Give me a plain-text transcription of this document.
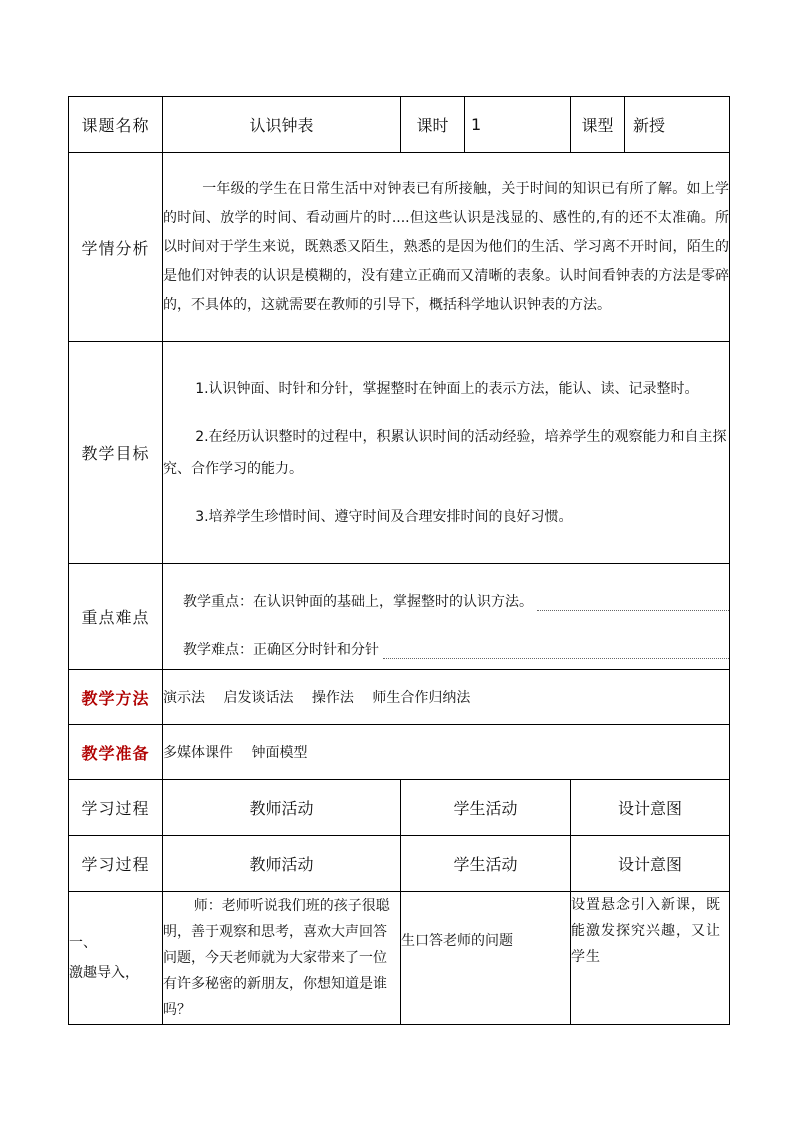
课题名称	认识钟表	课时	1	课型	新授
学情分析	一年级的学生在日常生活中对钟表已有所接触，关于时间的知识已有所了解。如上学的时间、放学的时间、看动画片的时....但这些认识是浅显的、感性的,有的还不太准确。所以时间对于学生来说，既熟悉又陌生，熟悉的是因为他们的生活、学习离不开时间，陌生的是他们对钟表的认识是模糊的，没有建立正确而又清晰的表象。认时间看钟表的方法是零碎的，不具体的，这就需要在教师的引导下，概括科学地认识钟表的方法。				

教学目标	1.认识钟面、时针和分针，掌握整时在钟面上的表示方法，能认、读、记录整时。

2.在经历认识整时的过程中，积累认识时间的活动经验，培养学生的观察能力和自主探究、合作学习的能力。

3.培养学生珍惜时间、遵守时间及合理安排时间的良好习惯。				

重点难点	教学重点：在认识钟面的基础上，掌握整时的认识方法。
教学难点：正确区分时针和分针				

教学方法	演示法 启发谈话法 操作法 师生合作归纳法				
教学准备	多媒体课件 钟面模型				
学习过程	教师活动	学生活动		设计意图	
学习过程	教师活动	学生活动		设计意图	

一、
激趣导入，	师：老师听说我们班的孩子很聪明，善于观察和思考，喜欢大声回答问题，今天老师就为大家带来了一位有许多秘密的新朋友，你想知道是谁吗？	生口答老师的问题		设置悬念引入新课，既能激发探究兴趣，又让学生	
